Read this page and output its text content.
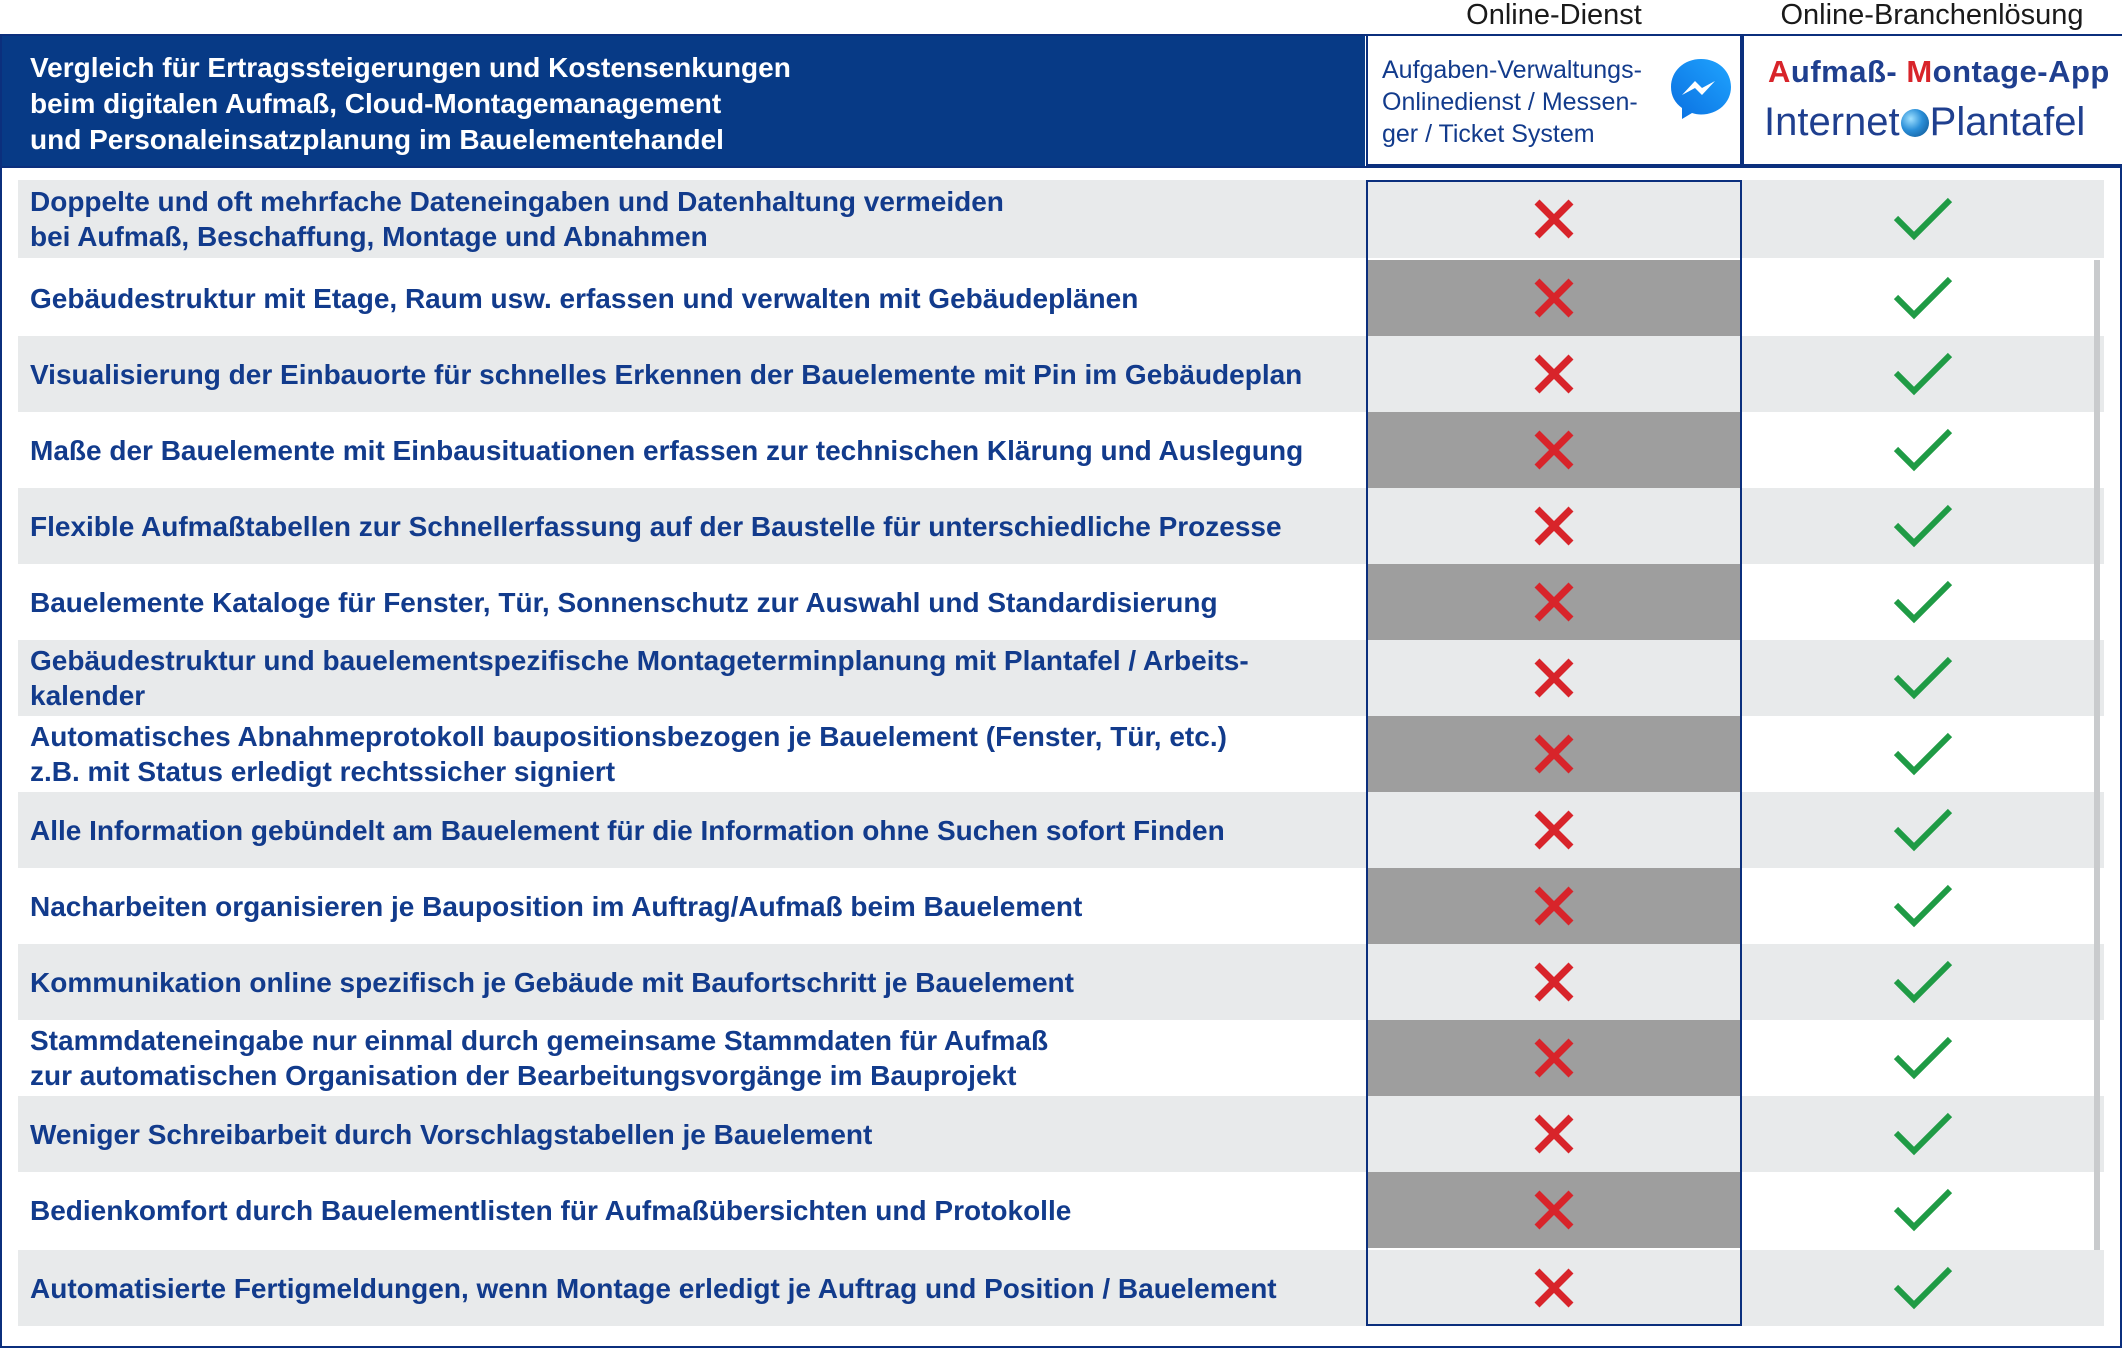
Online-Dienst	Online-Branchenlösung
Vergleich für Ertragssteigerungen und Kostensenkungen
beim digitalen Aufmaß, Cloud-Montagemanagement
und Personaleinsatzplanung im Bauelementehandel
Aufgaben-Verwaltungs-
Onlinedienst / Messen-
ger / Ticket System
Aufmaß- Montage-App
Internet Plantafel
Doppelte und oft mehrfache Dateneingaben und Datenhaltung vermeiden
bei Aufmaß, Beschaffung, Montage und Abnahmen
Gebäudestruktur mit Etage, Raum usw. erfassen und verwalten mit Gebäudeplänen
Visualisierung der Einbauorte für schnelles Erkennen der Bauelemente mit Pin im Gebäudeplan
Maße der Bauelemente mit Einbausituationen erfassen zur technischen Klärung und Auslegung
Flexible Aufmaßtabellen zur Schnellerfassung auf der Baustelle für unterschiedliche Prozesse
Bauelemente Kataloge für Fenster, Tür, Sonnenschutz zur Auswahl und Standardisierung
Gebäudestruktur und bauelementspezifische Montageterminplanung mit Plantafel / Arbeits-
kalender
Automatisches Abnahmeprotokoll baupositionsbezogen je Bauelement (Fenster, Tür, etc.)
z.B. mit Status erledigt rechtssicher signiert
Alle Information gebündelt am Bauelement für die Information ohne Suchen sofort Finden
Nacharbeiten organisieren je Bauposition im Auftrag/Aufmaß beim Bauelement
Kommunikation online spezifisch je Gebäude mit Baufortschritt je Bauelement
Stammdateneingabe nur einmal durch gemeinsame Stammdaten für Aufmaß
zur automatischen Organisation der Bearbeitungsvorgänge im Bauprojekt
Weniger Schreibarbeit durch Vorschlagstabellen je Bauelement
Bedienkomfort durch Bauelementlisten für Aufmaßübersichten und Protokolle
Automatisierte Fertigmeldungen, wenn Montage erledigt je Auftrag und Position / Bauelement
